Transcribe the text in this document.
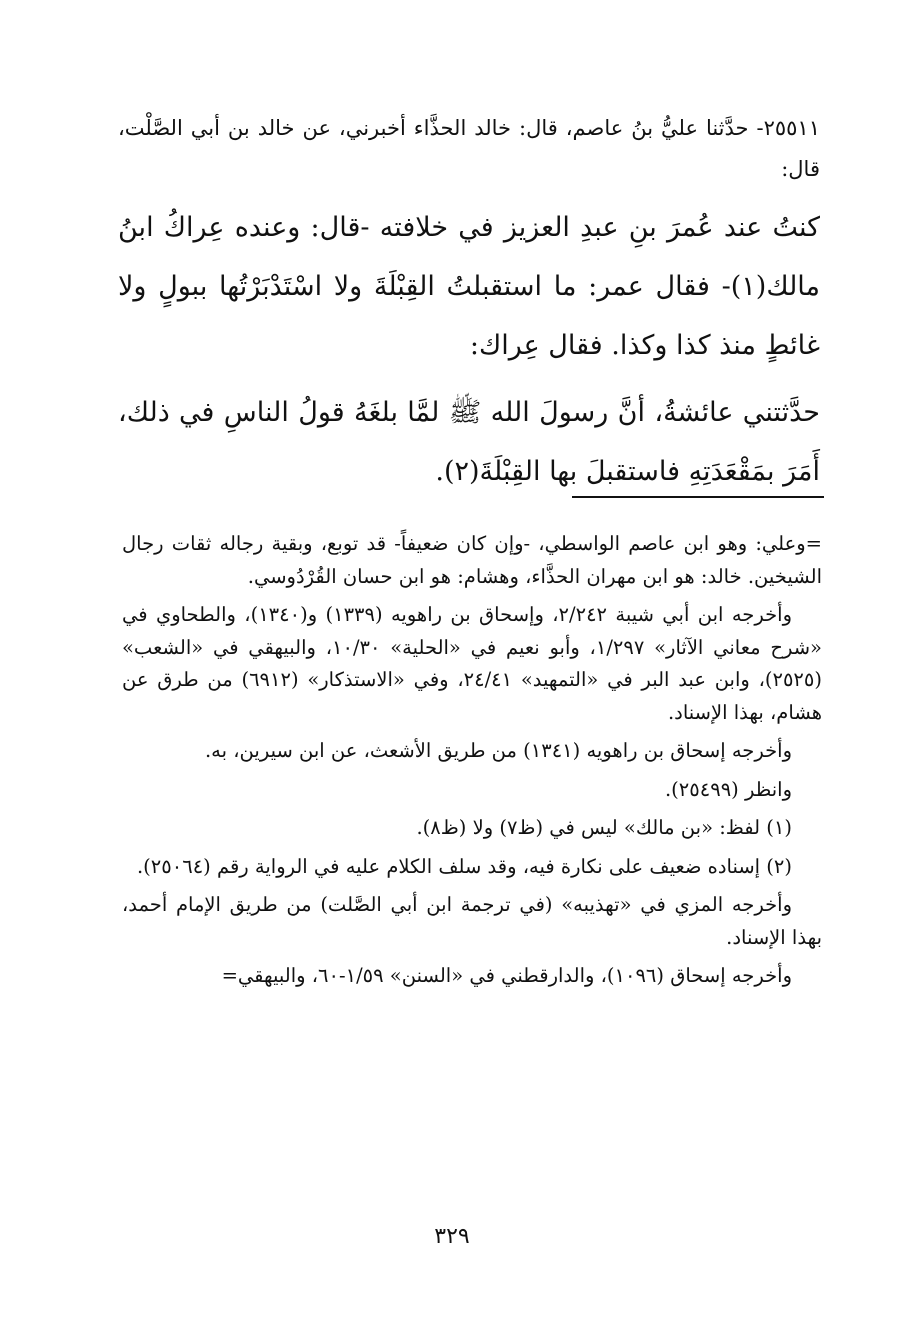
٢٥٥١١- حدَّثنا عليُّ بنُ عاصم، قال: خالد الحذَّاء أخبرني، عن خالد بن أبي الصَّلْت، قال:

كنتُ عند عُمرَ بنِ عبدِ العزيز في خلافته -قال: وعنده عِراكُ ابنُ مالك(١)- فقال عمر: ما استقبلتُ القِبْلَةَ ولا اسْتَدْبَرْتُها ببولٍ ولا غائطٍ منذ كذا وكذا. فقال عِراك:

حدَّثتني عائشةُ، أنَّ رسولَ الله ﷺ لمَّا بلغَهُ قولُ الناسِ في ذلك، أَمَرَ بمَقْعَدَتِهِ فاستقبلَ بها القِبْلَةَ(٢).

=وعلي: وهو ابن عاصم الواسطي، -وإن كان ضعيفاً- قد توبع، وبقية رجاله ثقات رجال الشيخين. خالد: هو ابن مهران الحذَّاء، وهشام: هو ابن حسان القُرْدُوسي.

وأخرجه ابن أبي شيبة ٢/٢٤٢، وإسحاق بن راهويه (١٣٣٩) و(١٣٤٠)، والطحاوي في «شرح معاني الآثار» ١/٢٩٧، وأبو نعيم في «الحلية» ١٠/٣٠، والبيهقي في «الشعب» (٢٥٢٥)، وابن عبد البر في «التمهيد» ٢٤/٤١، وفي «الاستذكار» (٦٩١٢) من طرق عن هشام، بهذا الإسناد.

وأخرجه إسحاق بن راهويه (١٣٤١) من طريق الأشعث، عن ابن سيرين، به.

وانظر (٢٥٤٩٩).

(١) لفظ: «بن مالك» ليس في (ظ٧) ولا (ظ٨).

(٢) إسناده ضعيف على نكارة فيه، وقد سلف الكلام عليه في الرواية رقم (٢٥٠٦٤).

وأخرجه المزي في «تهذيبه» (في ترجمة ابن أبي الصَّلت) من طريق الإمام أحمد، بهذا الإسناد.

وأخرجه إسحاق (١٠٩٦)، والدارقطني في «السنن» ١/٥٩-٦٠، والبيهقي=

٣٢٩
